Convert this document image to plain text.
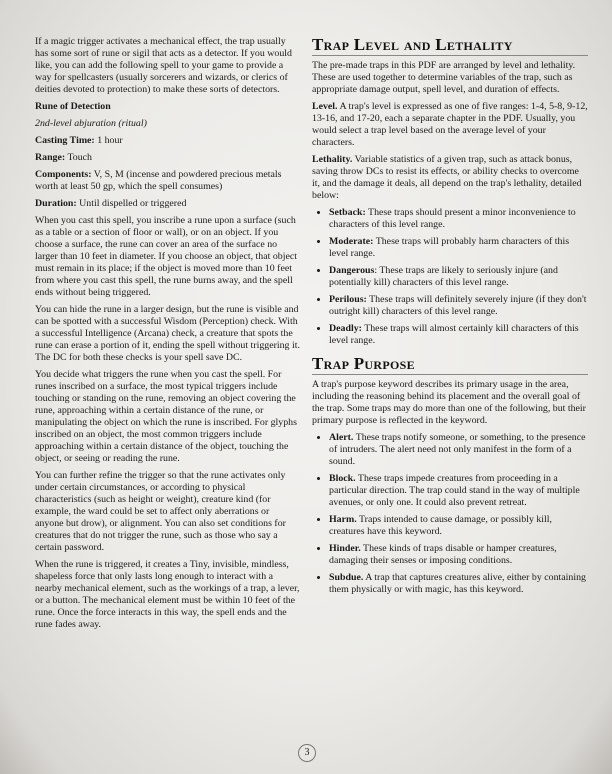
If a magic trigger activates a mechanical effect, the trap usually has some sort of rune or sigil that acts as a detector. If you would like, you can add the following spell to your game to provide a way for spellcasters (usually sorcerers and wizards, or clerics of deities devoted to protection) to make these sorts of detectors.

Rune of Detection

2nd-level abjuration (ritual)

Casting Time: 1 hour

Range: Touch

Components: V, S, M (incense and powdered precious metals worth at least 50 gp, which the spell consumes)

Duration: Until dispelled or triggered

When you cast this spell, you inscribe a rune upon a surface (such as a table or a section of floor or wall), or on an object. If you choose a surface, the rune can cover an area of the surface no larger than 10 feet in diameter. If you choose an object, that object must remain in its place; if the object is moved more than 10 feet from where you cast this spell, the rune burns away, and the spell ends without being triggered.

You can hide the rune in a larger design, but the rune is visible and can be spotted with a successful Wisdom (Perception) check. With a successful Intelligence (Arcana) check, a creature that spots the rune can erase a portion of it, ending the spell without triggering it. The DC for both these checks is your spell save DC.

You decide what triggers the rune when you cast the spell. For runes inscribed on a surface, the most typical triggers include touching or standing on the rune, removing an object covering the rune, approaching within a certain distance of the rune, or manipulating the object on which the rune is inscribed. For glyphs inscribed on an object, the most common triggers include approaching within a certain distance of the object, touching the object, or seeing or reading the rune.

You can further refine the trigger so that the rune activates only under certain circumstances, or according to physical characteristics (such as height or weight), creature kind (for example, the ward could be set to affect only aberrations or anyone but drow), or alignment. You can also set conditions for creatures that do not trigger the rune, such as those who say a certain password.

When the rune is triggered, it creates a Tiny, invisible, mindless, shapeless force that only lasts long enough to interact with a nearby mechanical element, such as the workings of a trap, a lever, or a button. The mechanical element must be within 10 feet of the rune. Once the force interacts in this way, the spell ends and the rune fades away.

Trap Level and Lethality

The pre-made traps in this PDF are arranged by level and lethality. These are used together to determine variables of the trap, such as appropriate damage output, spell level, and duration of effects.

Level. A trap's level is expressed as one of five ranges: 1-4, 5-8, 9-12, 13-16, and 17-20, each a separate chapter in the PDF. Usually, you would select a trap level based on the average level of your characters.

Lethality. Variable statistics of a given trap, such as attack bonus, saving throw DCs to resist its effects, or ability checks to overcome it, and the damage it deals, all depend on the trap's lethality, detailed below:

• Setback: These traps should present a minor inconvenience to characters of this level range.
• Moderate: These traps will probably harm characters of this level range.
• Dangerous: These traps are likely to seriously injure (and potentially kill) characters of this level range.
• Perilous: These traps will definitely severely injure (if they don't outright kill) characters of this level range.
• Deadly: These traps will almost certainly kill characters of this level range.
Trap Purpose

A trap's purpose keyword describes its primary usage in the area, including the reasoning behind its placement and the overall goal of the trap. Some traps may do more than one of the following, but their primary purpose is reflected in the keyword.

• Alert. These traps notify someone, or something, to the presence of intruders. The alert need not only manifest in the form of a sound.
• Block. These traps impede creatures from proceeding in a particular direction. The trap could stand in the way of multiple avenues, or only one. It could also prevent retreat.
• Harm. Traps intended to cause damage, or possibly kill, creatures have this keyword.
• Hinder. These kinds of traps disable or hamper creatures, damaging their senses or imposing conditions.
• Subdue. A trap that captures creatures alive, either by containing them physically or with magic, has this keyword.
3
